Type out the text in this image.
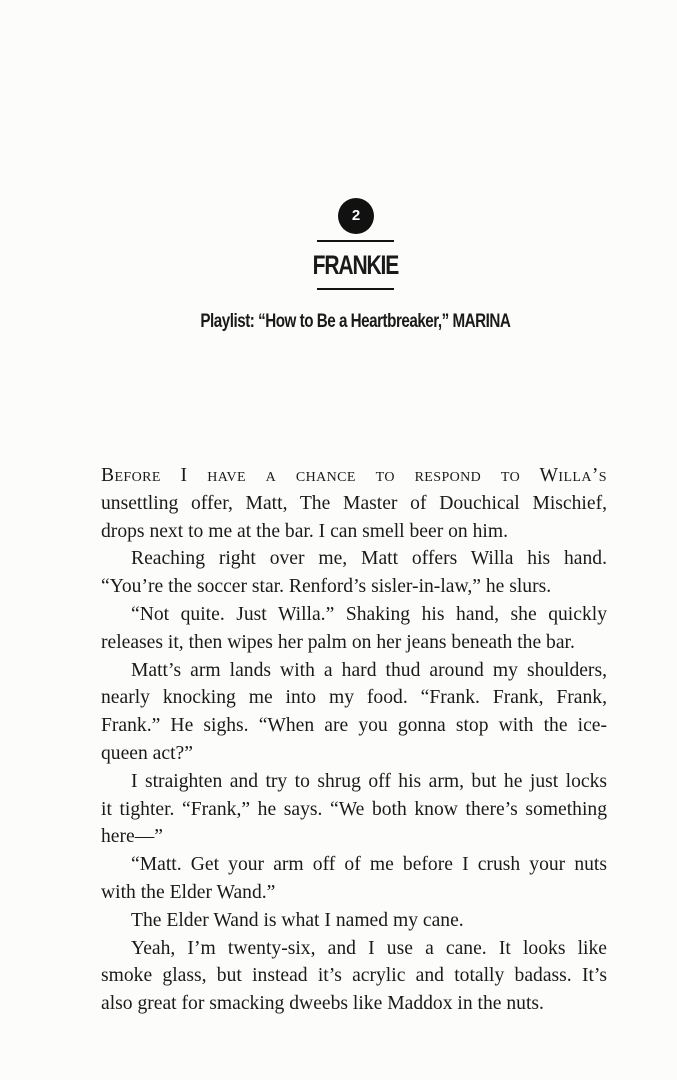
2
FRANKIE
Playlist: “How to Be a Heartbreaker,” MARINA
Before I have a chance to respond to Willa’s
unsettling offer, Matt, The Master of Douchical Mischief,
drops next to me at the bar. I can smell beer on him.
Reaching right over me, Matt offers Willa his hand.
“You’re the soccer star. Renford’s sisler-in-law,” he slurs.
“Not quite. Just Willa.” Shaking his hand, she quickly
releases it, then wipes her palm on her jeans beneath the bar.
Matt’s arm lands with a hard thud around my shoulders,
nearly knocking me into my food. “Frank. Frank, Frank,
Frank.” He sighs. “When are you gonna stop with the ice-
queen act?”
I straighten and try to shrug off his arm, but he just locks
it tighter. “Frank,” he says. “We both know there’s something
here—”
“Matt. Get your arm off of me before I crush your nuts
with the Elder Wand.”
The Elder Wand is what I named my cane.
Yeah, I’m twenty-six, and I use a cane. It looks like
smoke glass, but instead it’s acrylic and totally badass. It’s
also great for smacking dweebs like Maddox in the nuts.
